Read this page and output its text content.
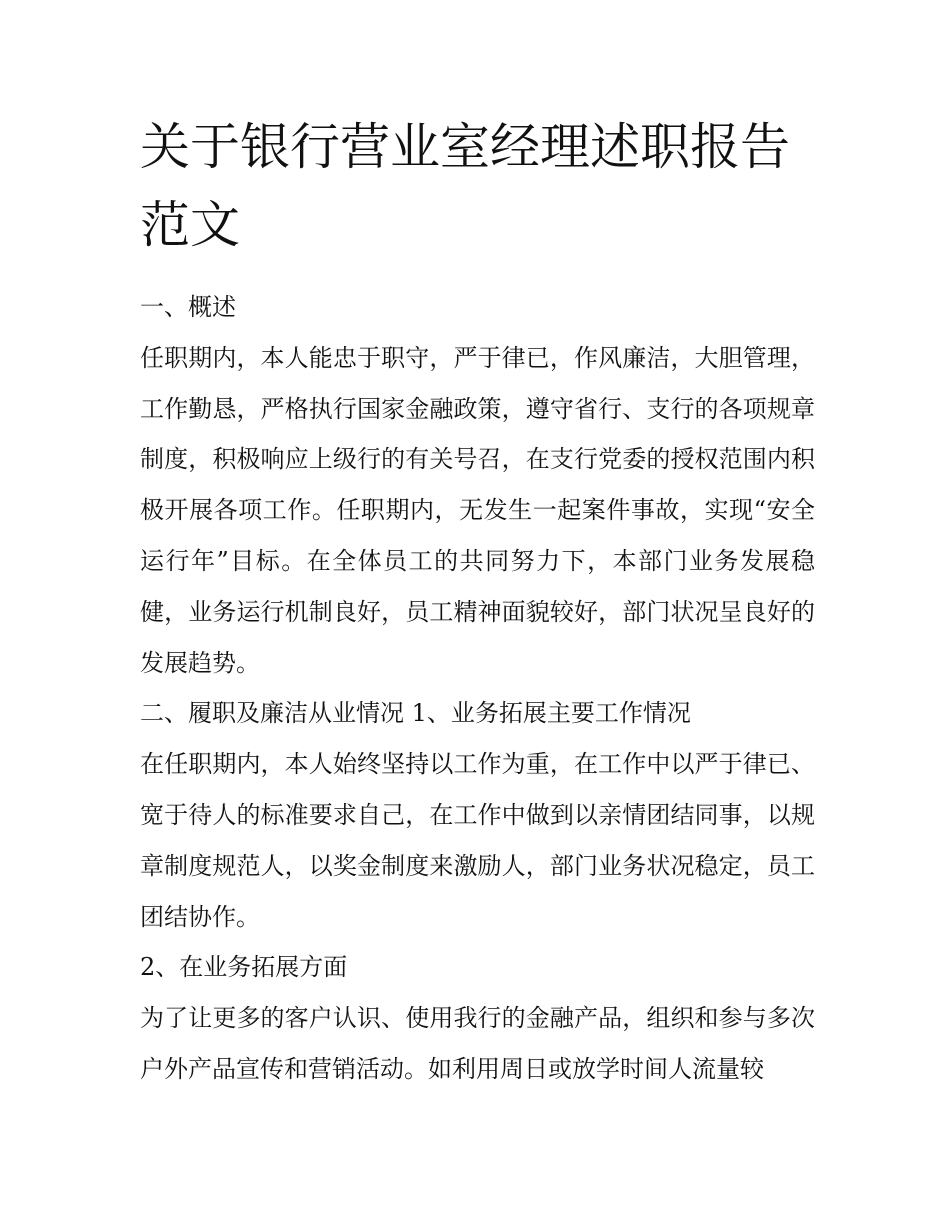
关于银行营业室经理述职报告范文

一、概述

任职期内，本人能忠于职守，严于律已，作风廉洁，大胆管理，工作勤恳，严格执行国家金融政策，遵守省行、支行的各项规章制度，积极响应上级行的有关号召，在支行党委的授权范围内积极开展各项工作。任职期内，无发生一起案件事故，实现“安全运行年”目标。在全体员工的共同努力下，本部门业务发展稳健，业务运行机制良好，员工精神面貌较好，部门状况呈良好的发展趋势。

二、履职及廉洁从业情况 1、业务拓展主要工作情况

在任职期内，本人始终坚持以工作为重，在工作中以严于律已、宽于待人的标准要求自己，在工作中做到以亲情团结同事，以规章制度规范人，以奖金制度来激励人，部门业务状况稳定，员工团结协作。

2、在业务拓展方面

为了让更多的客户认识、使用我行的金融产品，组织和参与多次户外产品宣传和营销活动。如利用周日或放学时间人流量较
